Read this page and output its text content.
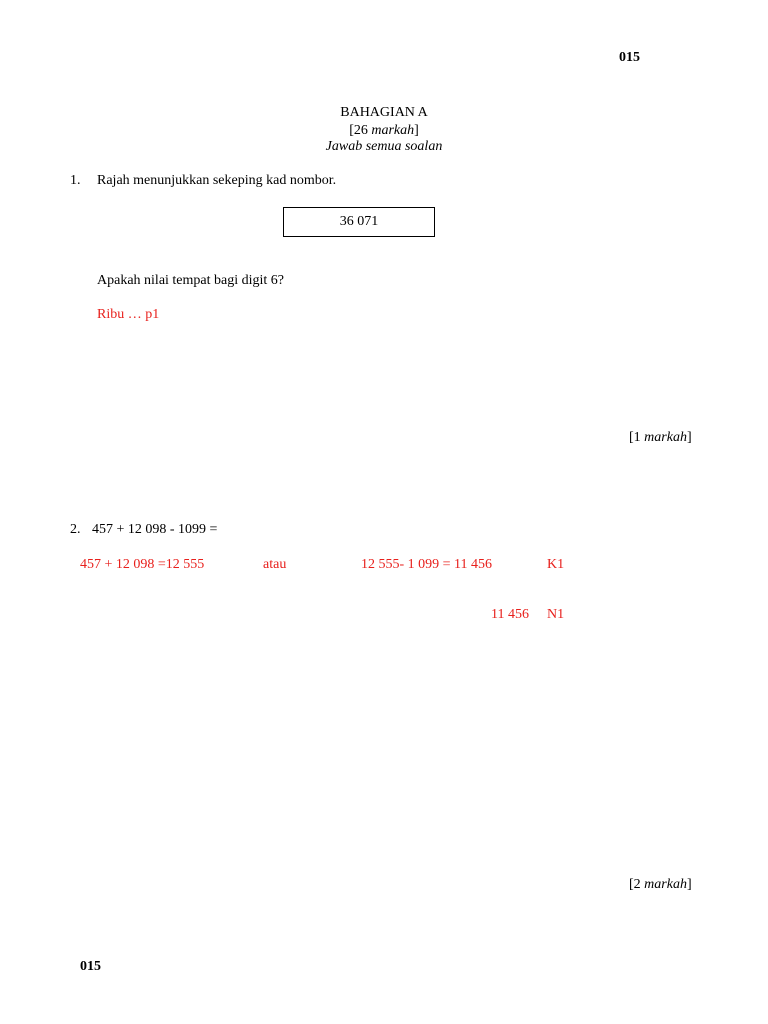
015
BAHAGIAN A
[26 markah]
Jawab semua soalan
1. Rajah menunjukkan sekeping kad nombor.
36 071
Apakah nilai tempat bagi digit 6?
Ribu … p1
[1 markah]
2. 457 + 12 098 - 1099 =
457 + 12 098 =12 555	atau	12 555- 1 099 = 11 456	K1
11 456 N1
[2 markah]
015
